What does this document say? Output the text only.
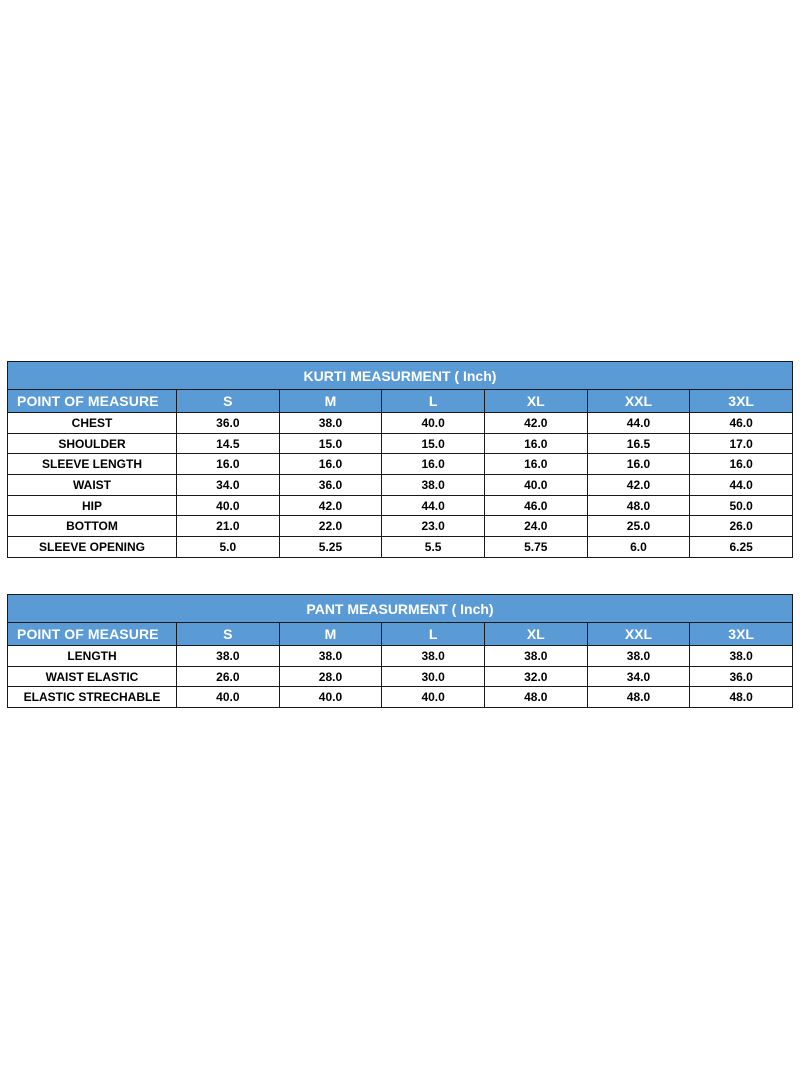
KURTI MEASURMENT ( Inch)						
POINT OF MEASURE	S	M	L	XL	XXL	3XL
CHEST	36.0	38.0	40.0	42.0	44.0	46.0
SHOULDER	14.5	15.0	15.0	16.0	16.5	17.0
SLEEVE LENGTH	16.0	16.0	16.0	16.0	16.0	16.0
WAIST	34.0	36.0	38.0	40.0	42.0	44.0
HIP	40.0	42.0	44.0	46.0	48.0	50.0
BOTTOM	21.0	22.0	23.0	24.0	25.0	26.0
SLEEVE OPENING	5.0	5.25	5.5	5.75	6.0	6.25
PANT MEASURMENT ( Inch)						
POINT OF MEASURE	S	M	L	XL	XXL	3XL
LENGTH	38.0	38.0	38.0	38.0	38.0	38.0
WAIST ELASTIC	26.0	28.0	30.0	32.0	34.0	36.0
ELASTIC STRECHABLE	40.0	40.0	40.0	48.0	48.0	48.0
